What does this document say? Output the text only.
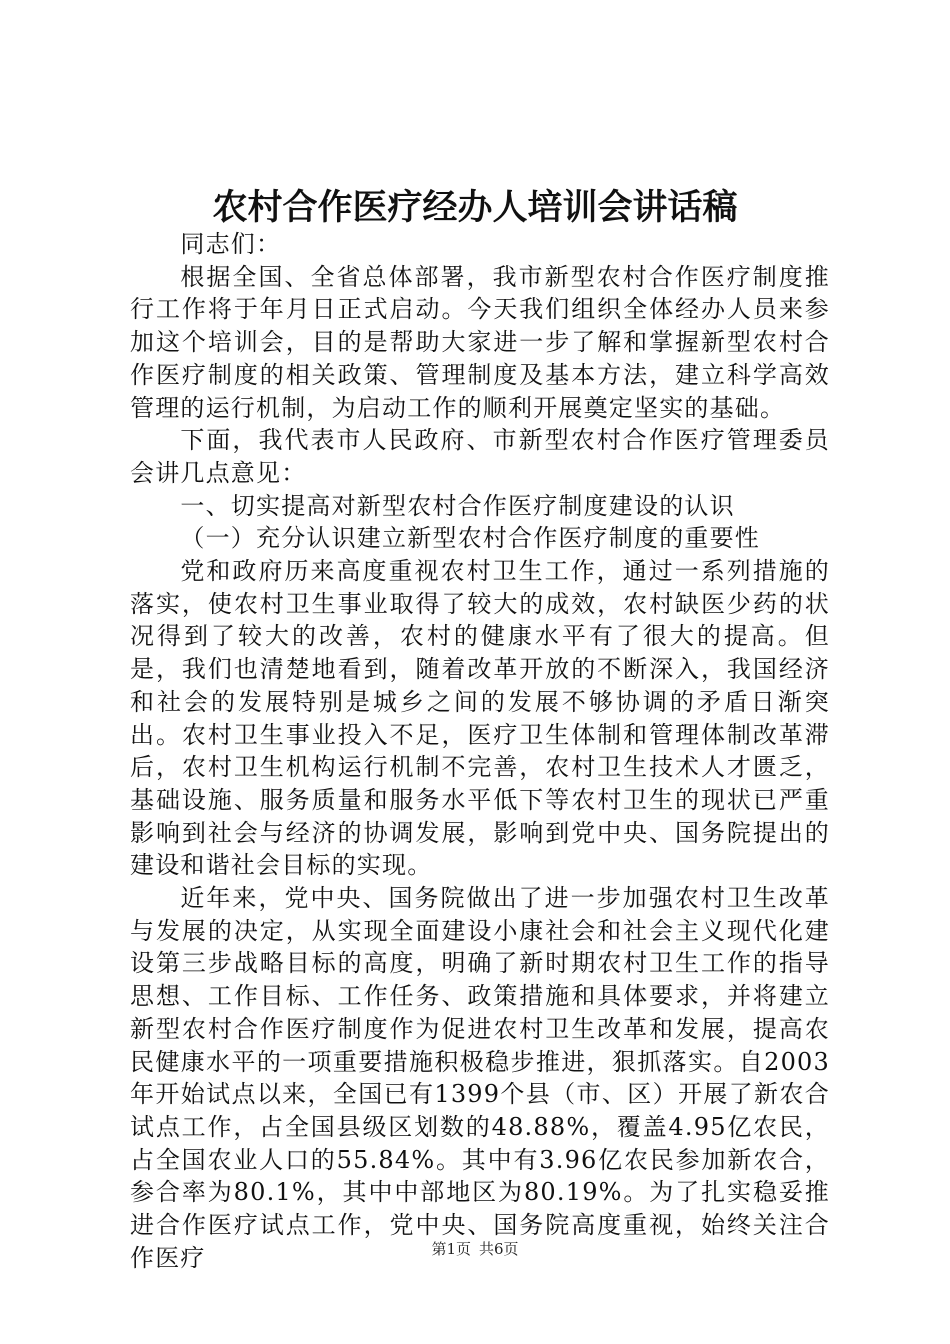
农村合作医疗经办人培训会讲话稿

同志们：

根据全国、全省总体部署，我市新型农村合作医疗制度推行工作将于年月日正式启动。今天我们组织全体经办人员来参加这个培训会，目的是帮助大家进一步了解和掌握新型农村合作医疗制度的相关政策、管理制度及基本方法，建立科学高效管理的运行机制，为启动工作的顺利开展奠定坚实的基础。

下面，我代表市人民政府、市新型农村合作医疗管理委员会讲几点意见：

一、切实提高对新型农村合作医疗制度建设的认识

（一）充分认识建立新型农村合作医疗制度的重要性

党和政府历来高度重视农村卫生工作，通过一系列措施的落实，使农村卫生事业取得了较大的成效，农村缺医少药的状况得到了较大的改善，农村的健康水平有了很大的提高。但是，我们也清楚地看到，随着改革开放的不断深入，我国经济和社会的发展特别是城乡之间的发展不够协调的矛盾日渐突出。农村卫生事业投入不足，医疗卫生体制和管理体制改革滞后，农村卫生机构运行机制不完善，农村卫生技术人才匮乏，基础设施、服务质量和服务水平低下等农村卫生的现状已严重影响到社会与经济的协调发展，影响到党中央、国务院提出的建设和谐社会目标的实现。

近年来，党中央、国务院做出了进一步加强农村卫生改革与发展的决定，从实现全面建设小康社会和社会主义现代化建设第三步战略目标的高度，明确了新时期农村卫生工作的指导思想、工作目标、工作任务、政策措施和具体要求，并将建立新型农村合作医疗制度作为促进农村卫生改革和发展，提高农民健康水平的一项重要措施积极稳步推进，狠抓落实。自2003年开始试点以来，全国已有1399个县（市、区）开展了新农合试点工作，占全国县级区划数的48.88%，覆盖4.95亿农民，占全国农业人口的55.84%。其中有3.96亿农民参加新农合，参合率为80.1%，其中中部地区为80.19%。为了扎实稳妥推进合作医疗试点工作，党中央、国务院高度重视，始终关注合作医疗	第1页 共6页
